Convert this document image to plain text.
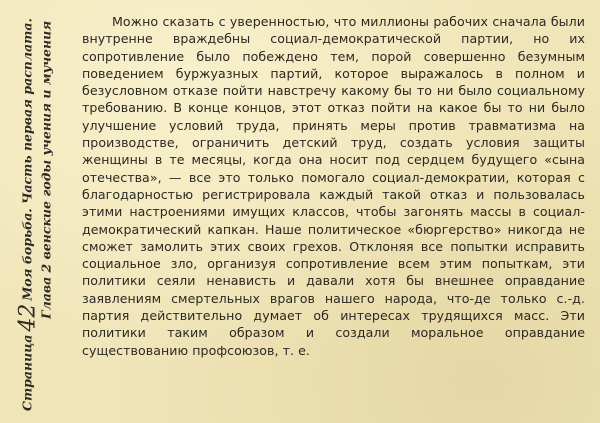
Страница42Моя борьба. Часть первая расплата. Глава 2 венские годы учения и мучения	Можно сказать с уверенностью, что миллионы рабочих сначала были внутренне враждебны социал-демократической партии, но их сопротивление было побеждено тем, порой совершенно безумным поведением буржуазных партий, которое выражалось в полном и безусловном отказе пойти навстречу какому бы то ни было социальному требованию. В конце концов, этот отказ пойти на какое бы то ни было улучшение условий труда, принять меры против травматизма на производстве, ограничить детский труд, создать условия защиты женщины в те месяцы, когда она носит под сердцем будущего «сына отечества», — все это только помогало социал-демократии, которая с благодарностью регистрировала каждый такой отказ и пользовалась этими настроениями имущих классов, чтобы загонять массы в социал-демократический капкан. Наше политическое «бюргерство» никогда не сможет замолить этих своих грехов. Отклоняя все попытки исправить социальное зло, организуя сопротивление всем этим попыткам, эти политики сеяли ненависть и давали хотя бы внешнее оправдание заявлениям смертельных врагов нашего народа, что-де только с.-д. партия действительно думает об интересах трудящихся масс. Эти политики таким образом и создали моральное оправдание существованию профсоюзов, т. е.
